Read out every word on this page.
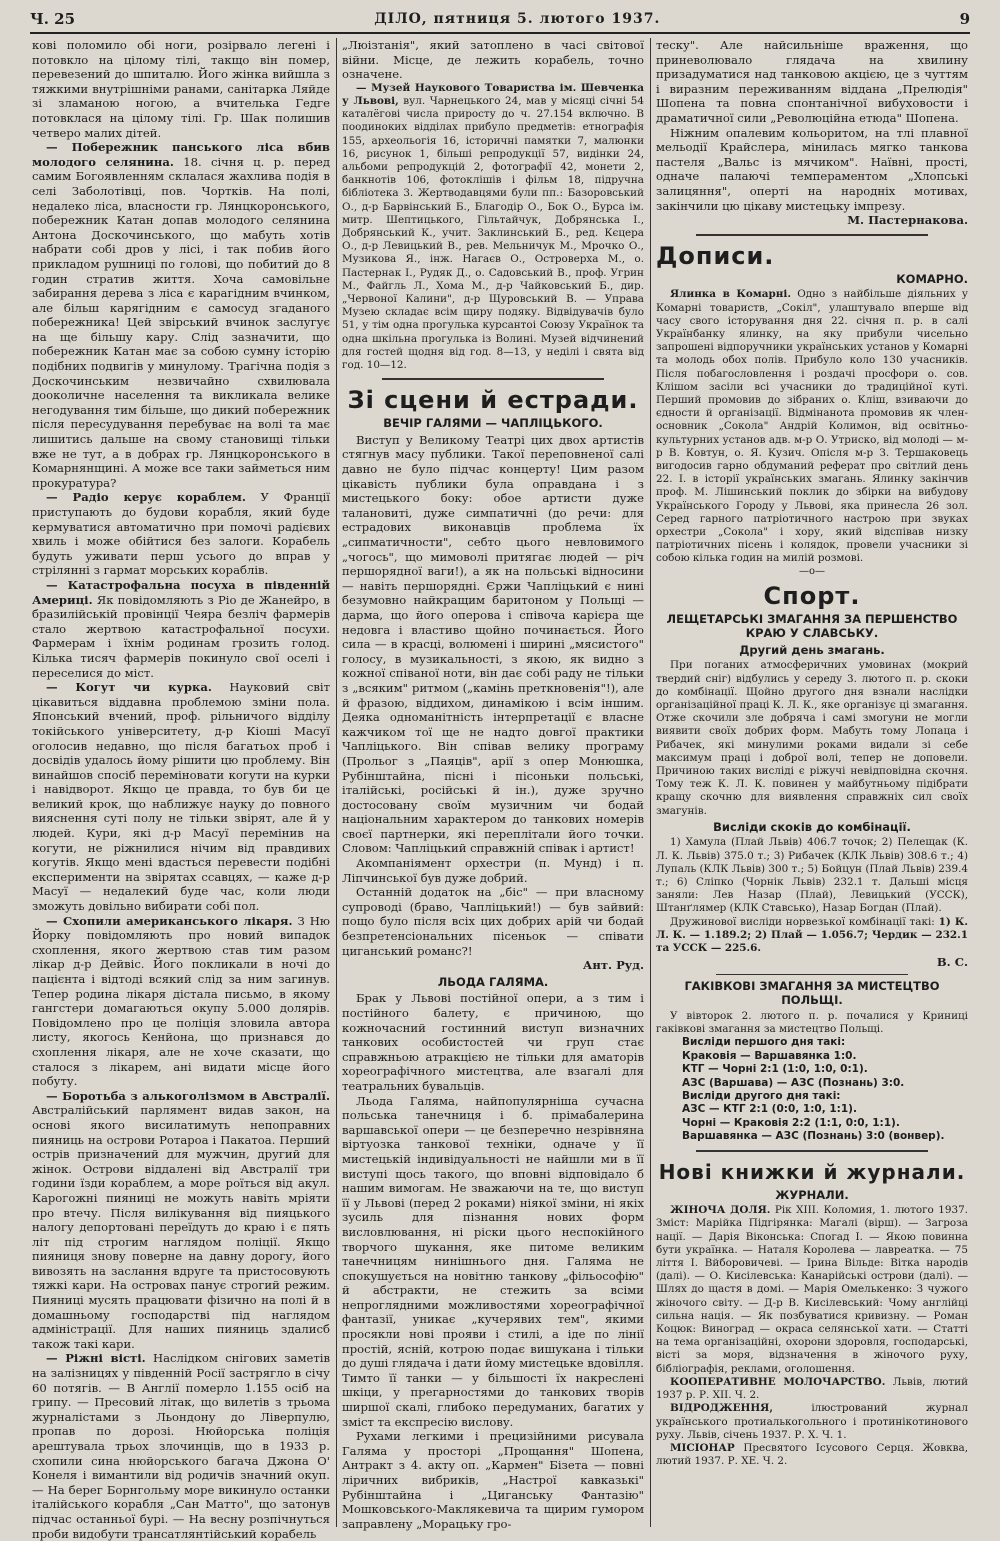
Ч. 25	ДІЛО, пятниця 5. лютого 1937.	9

кові поломило обі ноги, розірвало легені і потовкло на цілому тілі, такщо він помер, перевезений до шпиталю. Його жінка вийшла з тяжкими внутрішніми ранами, санітарка Ляйде зі зламаною ногою, а вчителька Гедге потовклася на цілому тілі. Гр. Шак полишив четверо малих дітей.

— Побережник панського ліса вбив молодого селянина. 18. січня ц. р. перед самим Богоявленням склалася жахлива подія в селі Заболотівці, пов. Чортків. На полі, недалеко ліса, власности гр. Лянцкоронського, побережник Катан допав молодого селянина Антона Доскочинського, що мабуть хотів набрати собі дров у лісі, і так побив його прикладом рушниці по голові, що побитий до 8 годин стратив життя. Хоча самовільне забирання дерева з ліса є карагідним вчинком, але більш карягідним є самосуд згаданого побережника! Цей звірський вчинок заслугує на ще більшу кару. Слід зазначити, що побережник Катан має за собою сумну історію подібних подвигів у минулому. Трагічна подія з Доскочинським незвичайно схвилювала дооколичне населення та викликала велике негодування тим більше, що дикий побережник після пересудування перебуває на волі та має лишитись дальше на свому становищі тільки вже не тут, а в добрах гр. Лянцкоронського в Комарнянщині. А може все таки займеться ним прокуратура?

— Радіо керує кораблем. У Франції приступають до будови корабля, який буде кермуватися автоматично при помочі радієвих хвиль і може обійтися без залоги. Корабель будуть уживати перш усього до вправ у стрілянні з гармат морських кораблів.

— Катастрофальна посуха в південній Америці. Як повідомляють з Ріо де Жанейро, в бразилійській провінції Чеяра безліч фармерів стало жертвою катастрофальної посухи. Фармерам і їхнім родинам грозить голод. Кілька тисяч фармерів покинуло свої оселі і переселися до міст.

— Когут чи курка. Науковий світ цікавиться віддавна проблемою зміни пола. Японський вчений, проф. рільничого відділу токійського університету, д-р Кіоші Масуї оголосив недавно, що після багатьох проб і досвідів удалось йому рішити цю проблему. Він винайшов спосіб переміновати когути на курки і навідворот. Якщо це правда, то був би це великий крок, що наближує науку до повного вияснення суті полу не тільки звірят, але й у людей. Кури, які д-р Масуї перемінив на когути, не ріжнилися нічим від правдивих когутів. Якщо мені вдасться перевести подібні експерименти на звірятах ссавцях, — каже д-р Масуї — недалекий буде час, коли люди зможуть довільно вибирати собі пол.

— Схопили американського лікаря. З Ню Йорку повідомляють про новий випадок схоплення, якого жертвою став тим разом лікар д-р Дейвіс. Його покликали в ночі до пацієнта і відтоді всякий слід за ним загинув. Тепер родина лікаря дістала письмо, в якому гангстери домагаються окупу 5.000 долярів. Повідомлено про це поліція зловила автора листу, якогось Кенйона, що признався до схоплення лікаря, але не хоче сказати, що сталося з лікарем, ані видати місце його побуту.

— Боротьба з алькоголізмом в Австралії. Австралійський парлямент видав закон, на основі якого висилатимуть непоправних пияниць на острови Ротароа і Пакатоа. Перший острів призначений для мужчин, другий для жінок. Острови віддалені від Австралії три години їзди кораблем, а море роїться від акул. Карогожні пияниці не можуть навіть мріяти про втечу. Після вилікування від пияцького налогу депортовані переїдуть до краю і є пять літ під строгим наглядом поліції. Якщо пияниця знову поверне на давну дорогу, його вивозять на заслання вдруге та пристосовують тяжкі кари. На островах панує строгий режим. Пияниці мусять працювати фізично на полі й в домашньому господарстві під наглядом адміністрації. Для наших пияниць здалисб також такі кари.

— Ріжні вісті. Наслідком снігових заметів на залізницях у південній Росії застрягло в січу 60 потягів. — В Англії померло 1.155 осіб на грипу. — Пресовий літак, що вилетів з трьома журналістами з Льондону до Ліверпулю, пропав по дорозі. Нюйорська поліція арештувала трьох злочинців, що в 1933 р. схопили сина нюйорського багача Джона О' Конеля і вимантили від родичів значний окуп. — На берег Борнгольму море викинуло останки італійського корабля „Сан Матто", що затонув підчас останньої бурі. — На весну розпічнуться проби видобути трансатлянтійський корабель

„Люізтанія", який затоплено в часі світової війни. Місце, де лежить корабель, точно означене.

— Музей Наукового Товариства ім. Шевченка у Львові, вул. Чарнецького 24, мав у місяці січні 54 каталёгові числа приросту до ч. 27.154 включно. В поодиноких відділах прибуло предметів: етнографія 155, археольогія 16, історичні памятки 7, малюнки 16, рисунок 1, більші репродукції 57, видінки 24, альбоми репродукцій 2, фотографії 42, монети 2, банкнотів 106, фотоклішів і фільм 18, підручна бібліотека 3. Жертводавцями були пп.: Базоровський О., д-р Барвінський Б., Благодір О., Бок О., Бурса ім. митр. Шептицького, Гільтайчук, Добрянська І., Добрянський К., учит. Заклинський Б., ред. Кєцера О., д-р Левицький В., рев. Мельничук М., Мрочко О., Музикова Я., інж. Нагаєв О., Островерха М., о. Пастернак І., Рудяк Д., о. Садовський В., проф. Угрин М., Файгль Л., Хома М., д-р Чайковський Б., дир. „Червоної Калини", д-р Щуровський В. — Управа Музею складає всім щиру подяку. Відвідувачів було 51, у тім одна прогулька курсантоі Союзу Українок та одна шкільна прогулька із Волині. Музей відчинений для гостей щодня від год. 8—13, у неділі і свята від год. 10—12.

Зі сцени й естради.
ВЕЧІР ГАЛЯМИ — ЧАПЛІЦЬКОГО.

Виступ у Великому Театрі цих двох артистів стягнув масу публики. Такої переповненої салі давно не було підчас концерту! Цим разом цікавість публики була оправдана і з мистецького боку: обое артисти дуже талановиті, дуже симпатичні (до речи: для естрадових виконавців проблема їх „сипматичности", себто цього невловимого „чогось", що мимоволі притягає людей — річ першорядної ваги!), а як на польські відносини — навіть першорядні. Єржи Чапліцький є нині безумовно найкращим баритоном у Польщі — дарма, що його оперова і співоча карієра ще недовга і властиво щойно починається. Його сила — в красці, волюмені і ширині „мясистого" голосу, в музикальності, з якою, як видно з кожної співаної ноти, він дає собі раду не тільки з „всяким" ритмом („камінь преткновенія"!), але й фразою, віддихом, динамікою і всім іншим. Деяка одноманітність інтерпретації є власне кажчиком тої ще не надто довгої практики Чапліцького. Він співав велику програму (Прольог з „Паяців", арії з опер Монюшка, Рубінштайна, пісні і пісоньки польські, італійські, російські й ін.), дуже зручно достосовану своїм музичним чи бодай національним характером до танкових номерів своєї партнерки, які переплітали його точки. Словом: Чапліцький справжній співак і артист!

Акомпаніямент орхестри (п. Мунд) і п. Ліпчинської був дуже добрий.

Останній додаток на „біс" — при власному супроводі (браво, Чапліцький!) — був зайвий: пощо було після всіх цих добрих арій чи бодай безпретенсіональних пісеньок — співати циганський романс?!

Ант. Руд.
ЛЬОДА ГАЛЯМА.

Брак у Львові постійної опери, а з тим і постійного балету, є причиною, що кожночасний гостинний виступ визначних танкових особистостей чи груп стає справжньою атракцією не тільки для аматорів хореографічного мистецтва, але взагалі для театральних бувальців.

Льода Галяма, найпопулярніша сучасна польська танечниця і б. прімабалерина варшавської опери — це безперечно незрівняна віртуозка танкової техніки, одначе у її мистецькій індивідуальності не найшли ми в її виступі щось такого, що вповні відповідало б нашим вимогам. Не зважаючи на те, що виступ її у Львові (перед 2 роками) ніякої зміни, ні якіх зусиль для пізнання нових форм висловлювання, ні ріски цього неспокійного творчого шукання, яке питоме великим танечницям нинішнього дня. Галяма не спокушується на новітню танкову „фільософію" й абстракти, не стежить за всіми непроглядними можливостями хореографічної фантазії, уникає „кучерявих тем", якими просякли нові прояви і стилі, а іде по лінії простій, ясній, котрою подає вишукана і тільки до душі глядача і дати йому мистецьке вдовілля. Тимто її танки — у більшості їх накреслені шкіци, у прегарностями до танкових творів ширшої скалі, глибоко передуманих, багатих у зміст та експресію вислову.

Рухами легкими і прецизійними рисувала Галяма у просторі „Прощання" Шопена, Антракт з 4. акту оп. „Кармен" Бізета — повні ліричних вибриків, „Настрої кавказькі" Рубінштайна і „Циганську Фантазію" Мошковського-Маклякевича та щирим гумором заправлену „Морацьку гро-

теску". Але найсильніше враження, що приневолювало глядача на хвилину призадуматися над танковою акцією, це з чуттям і виразним переживанням віддана „Прелюдія" Шопена та повна спонтанічної вибуховости і драматичної сили „Революційна етюда" Шопена.

Ніжним опалевим кольоритом, на тлі плавної мельодії Крайслера, мінилась мягко танкова пастеля „Вальс із мячиком". Наївні, прості, одначе палаючі темпераментом „Хлопські залицяння", оперті на народніх мотивах, закінчили цю цікаву мистецьку імпрезу.

М. Пастернакова.
Дописи.
КОМАРНО.

Ялинка в Комарні. Одно з найбільше діяльних у Комарні товариств, „Сокіл", улаштувало вперше від часу свого історування дня 22. січня п. р. в салі Українбанку ялинку, на яку прибули чисельно запрошені відпоручники українських установ у Комарні та молодь обох полів. Прибуло коло 130 учасників. Після побагословлення і роздачі просфори о. сов. Клішом засіли всі учасники до традиційної куті. Перший промовив до зібраних о. Кліш, взиваючи до єдности й організації. Відмінанота промовив як член-основник „Сокола" Андрій Колимон, від освітньо-культурних установ адв. м-р О. Утриско, від молоді — м-р В. Ковтун, о. Я. Кузич. Опісля м-р З. Тершаковець вигодосив гарно обдуманий реферат про світлий день 22. І. в історії українських змагань. Ялинку закінчив проф. М. Лішинський поклик до збірки на вибудову Українського Городу у Львові, яка принесла 26 зол. Серед гарного патріотичного настрою при звуках орхестри „Сокола" і хору, який відспівав низку патріотичних пісень і колядок, провели учасники зі собою кілька годин на милій розмові.

—о—
Спорт.
ЛЕЩЕТАРСЬКІ ЗМАГАННЯ ЗА ПЕРШЕНСТВО КРАЮ У СЛАВСЬКУ.
Другий день змагань.

При поганих атмосферичних умовинах (мокрий твердий сніг) відбулись у середу 3. лютого п. р. скоки до комбінації. Щойно другого дня взнали наслідки організаційної праці К. Л. К., яке організує ці змагання. Отже скочили зле добряча і самі змогуни не могли виявити своїх добрих форм. Мабуть тому Лопаца і Рибачек, які минулими роками видали зі себе максимум праці і доброї волі, тепер не доповели. Причиною таких висліді є ріжучі невідповідна скочня. Тому теж К. Л. К. повинен у майбутньому підібрати кращу скочню для виявлення справжніх сил своїх змагунів.

Висліди скоків до комбінації.

1) Хамула (Плай Львів) 406.7 точок; 2) Пелещак (К. Л. К. Львів) 375.0 т.; 3) Рибачек (КЛК Львів) 308.6 т.; 4) Лупаль (КЛК Львів) 300 т.; 5) Бойцун (Плай Львів) 239.4 т.; 6) Сліпко (Чорнік Львів) 232.1 т. Дальші місця заняли: Лев Назар (Плай), Левицький (УССК), Штанґлямер (КЛК Ставсько), Назар Богдан (Плай).

Дружинової висліди норвезької комбінації такі: 1) К. Л. К. — 1.189.2; 2) Плай — 1.056.7; Чердик — 232.1 та УССК — 225.6.

В. С.
ГАКІВКОВІ ЗМАГАННЯ ЗА МИСТЕЦТВО ПОЛЬЩІ.

У вівторок 2. лютого п. р. почалися у Криниці гаківкові змагання за мистецтво Польщі.

Висліди першого дня такі:
Краковія — Варшавянка 1:0.
КТГ — Чорні 2:1 (1:0, 1:0, 0:1).
АЗС (Варшава) — АЗС (Познань) 3:0.
Висліди другого дня такі:
АЗС — КТГ 2:1 (0:0, 1:0, 1:1).
Чорні — Краковія 2:2 (1:1, 0:0, 1:1).
Варшавянка — АЗС (Познань) 3:0 (вонвер).
Нові книжки й журнали.
ЖУРНАЛИ.

ЖІНОЧА ДОЛЯ. Рік XIII. Коломия, 1. лютого 1937. Зміст: Марійка Підгірянка: Магалі (вірш). — Загроза нації. — Дарія Віконська: Спогад І. — Якою повинна бути українка. — Наталя Королева — лавреатка. — 75 ліття І. Вйборовичеві. — Ірина Вільде: Вітка народів (далі). — О. Кисілевська: Канарійські острови (далі). — Шлях до щастя в домі. — Марія Омелькенко: З чужого жіночого світу. — Д-р В. Кисілевський: Чому англійці сильна нація. — Як позбуватися кривизну. — Роман Коцюк: Виноград — окраса селянської хати. — Статті на тема організаційні, охорони здоровля, господарські, вісті за моря, відзначення в жіночого руху, бібліографія, реклами, оголошення.

КООПЕРАТИВНЕ МОЛОЧАРСТВО. Львів, лютий 1937 р. Р. XII. Ч. 2.

ВІДРОДЖЕННЯ,	ілюстрований журнал українського протиалькогольного і протинікотинового руху. Львів, січень 1937. Р. Х. Ч. 1.

МІСІОНАР Пресвятого Ісусового Серця. Жовква, лютий 1937. Р. ХЕ. Ч. 2.
